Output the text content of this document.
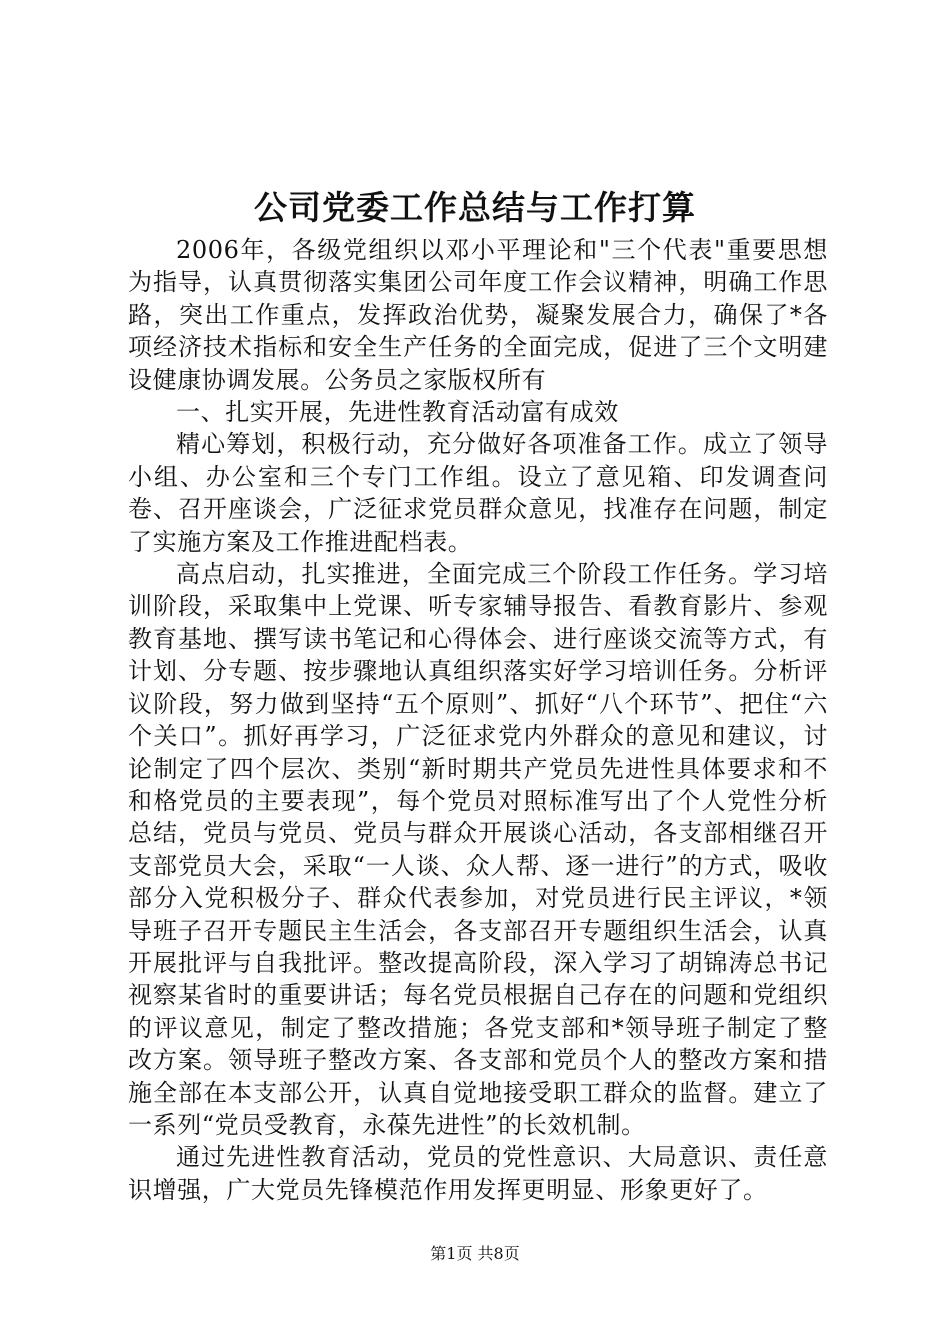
公司党委工作总结与工作打算

2006年，各级党组织以邓小平理论和"三个代表"重要思想为指导，认真贯彻落实集团公司年度工作会议精神，明确工作思路，突出工作重点，发挥政治优势，凝聚发展合力，确保了*各项经济技术指标和安全生产任务的全面完成，促进了三个文明建设健康协调发展。公务员之家版权所有

一、扎实开展，先进性教育活动富有成效

精心筹划，积极行动，充分做好各项准备工作。成立了领导小组、办公室和三个专门工作组。设立了意见箱、印发调查问卷、召开座谈会，广泛征求党员群众意见，找准存在问题，制定了实施方案及工作推进配档表。

高点启动，扎实推进，全面完成三个阶段工作任务。学习培训阶段，采取集中上党课、听专家辅导报告、看教育影片、参观教育基地、撰写读书笔记和心得体会、进行座谈交流等方式，有计划、分专题、按步骤地认真组织落实好学习培训任务。分析评议阶段，努力做到坚持“五个原则”、抓好“八个环节”、把住“六个关口”。抓好再学习，广泛征求党内外群众的意见和建议，讨论制定了四个层次、类别“新时期共产党员先进性具体要求和不和格党员的主要表现”，每个党员对照标准写出了个人党性分析总结，党员与党员、党员与群众开展谈心活动，各支部相继召开支部党员大会，采取“一人谈、众人帮、逐一进行”的方式，吸收部分入党积极分子、群众代表参加，对党员进行民主评议，*领导班子召开专题民主生活会，各支部召开专题组织生活会，认真开展批评与自我批评。整改提高阶段，深入学习了胡锦涛总书记视察某省时的重要讲话；每名党员根据自己存在的问题和党组织的评议意见，制定了整改措施；各党支部和*领导班子制定了整改方案。领导班子整改方案、各支部和党员个人的整改方案和措施全部在本支部公开，认真自觉地接受职工群众的监督。建立了一系列“党员受教育，永葆先进性”的长效机制。

通过先进性教育活动，党员的党性意识、大局意识、责任意识增强，广大党员先锋模范作用发挥更明显、形象更好了。

第1页 共8页
